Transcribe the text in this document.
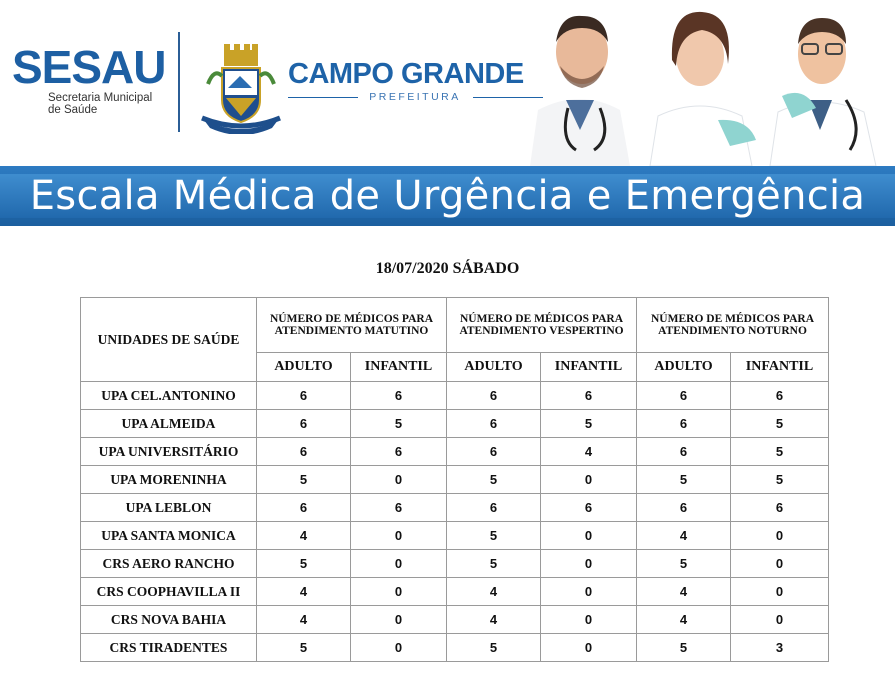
SESAU
Secretaria Municipal
de Saúde
CAMPO GRANDE
PREFEITURA
Escala Médica de Urgência e Emergência
18/07/2020 SÁBADO
UNIDADES DE SAÚDE	NÚMERO DE MÉDICOS PARA ATENDIMENTO MATUTINO		NÚMERO DE MÉDICOS PARA ATENDIMENTO VESPERTINO		NÚMERO DE MÉDICOS PARA ATENDIMENTO NOTURNO	
	ADULTO	INFANTIL	ADULTO	INFANTIL	ADULTO	INFANTIL
UPA CEL.ANTONINO	6	6	6	6	6	6
UPA ALMEIDA	6	5	6	5	6	5
UPA UNIVERSITÁRIO	6	6	6	4	6	5
UPA MORENINHA	5	0	5	0	5	5
UPA LEBLON	6	6	6	6	6	6
UPA SANTA MONICA	4	0	5	0	4	0
CRS AERO RANCHO	5	0	5	0	5	0
CRS COOPHAVILLA II	4	0	4	0	4	0
CRS NOVA BAHIA	4	0	4	0	4	0
CRS TIRADENTES	5	0	5	0	5	3
